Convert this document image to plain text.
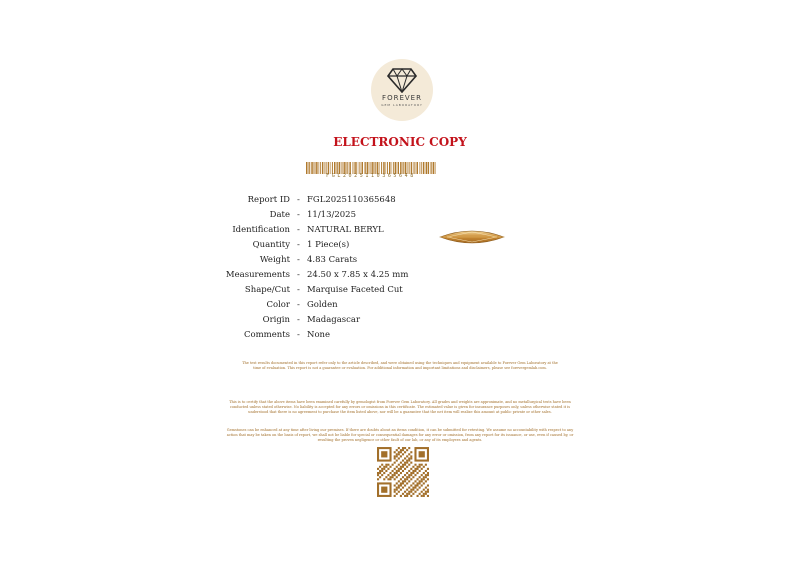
FOREVER
GEM LABORATORY
ELECTRONIC COPY
FGL2025110365648
Report ID - FGL2025110365648
Date - 11/13/2025
Identification - NATURAL BERYL
Quantity - 1 Piece(s)
Weight - 4.83 Carats
Measurements - 24.50 x 7.85 x 4.25 mm
Shape/Cut - Marquise Faceted Cut
Color - Golden
Origin - Madagascar
Comments - None
The test results documented in this report refer only to the article described, and were obtained using the techniques and equipment available to Forever Gem Laboratory at the time of evaluation. This report is not a guarantee or evaluation. For additional information and important limitations and disclaimers, please see forevergemlab.com.
This is to certify that the above items have been examined carefully by gemologist from Forever Gem Laboratory. All grades and weights are approximate, and no metallurgical tests have been conducted unless stated otherwise. No liability is accepted for any errors or omissions in this certificate. The estimated value is given for insurance purposes only, unless otherwise stated it is understood that there is no agreement to purchase the item listed above, nor will be a guarantee that the net item will realize this amount at public private or other sales.
Gemstones can be enhanced at any time after living our premises. If there are doubts about an items condition, it can be submitted for retesting. We assume no accountability with respect to any action that may be taken on the basis of report, we shall not be liable for special or consequential damages for any error or omission, from any report for its issuance, or use, even if caused by, or resulting the proven negligence or other fault of our lab, or any of its employees and agents.
